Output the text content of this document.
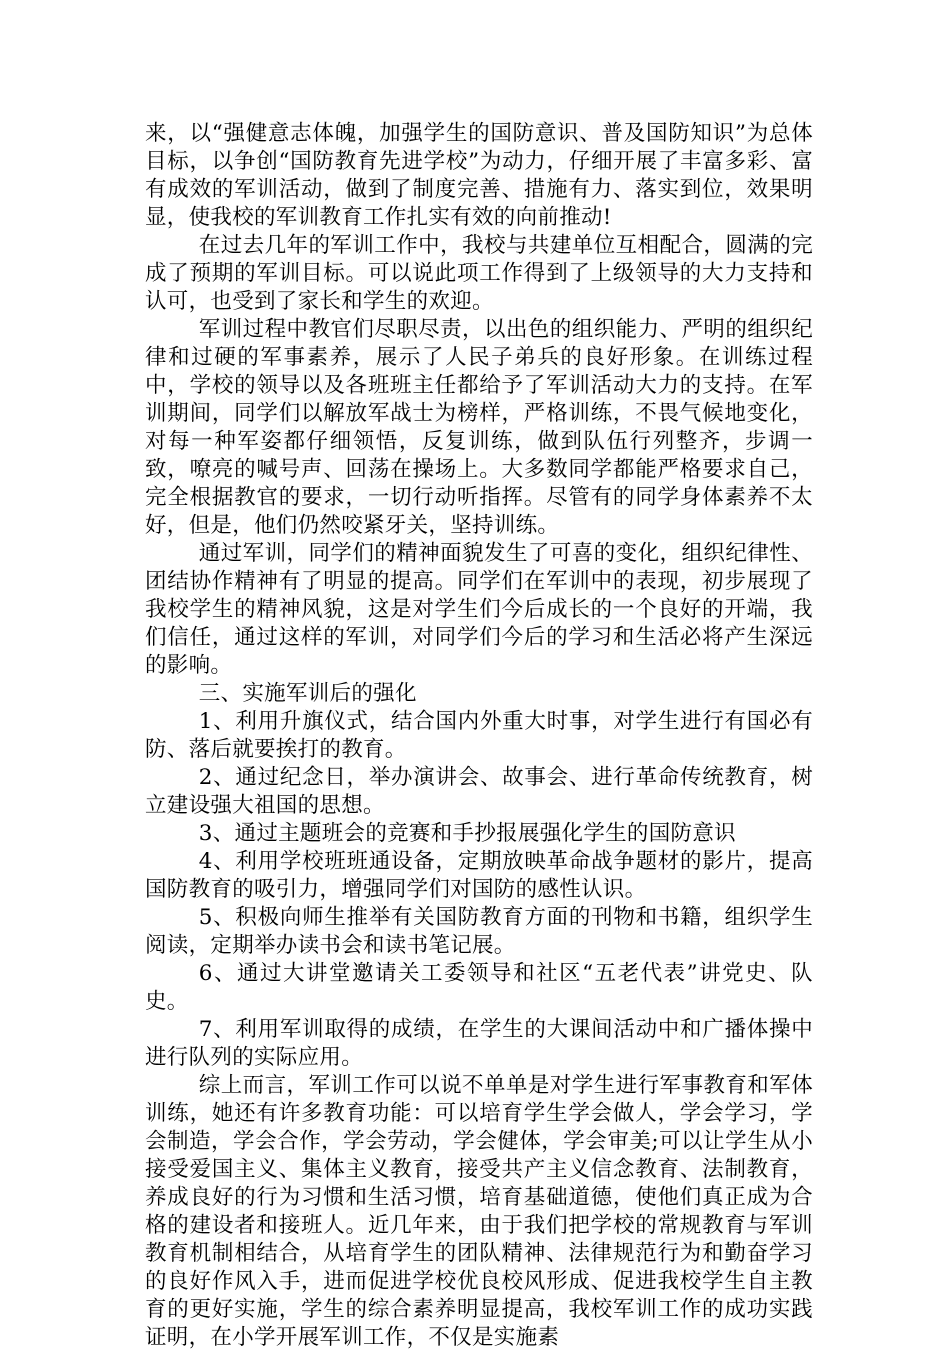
来，以“强健意志体魄，加强学生的国防意识、普及国防知识”为总体目标，以争创“国防教育先进学校”为动力，仔细开展了丰富多彩、富有成效的军训活动，做到了制度完善、措施有力、落实到位，效果明显，使我校的军训教育工作扎实有效的向前推动!

在过去几年的军训工作中，我校与共建单位互相配合，圆满的完成了预期的军训目标。可以说此项工作得到了上级领导的大力支持和认可，也受到了家长和学生的欢迎。

军训过程中教官们尽职尽责，以出色的组织能力、严明的组织纪律和过硬的军事素养，展示了人民子弟兵的良好形象。在训练过程中，学校的领导以及各班班主任都给予了军训活动大力的支持。在军训期间，同学们以解放军战士为榜样，严格训练，不畏气候地变化，对每一种军姿都仔细领悟，反复训练，做到队伍行列整齐，步调一致，嘹亮的喊号声、回荡在操场上。大多数同学都能严格要求自己，完全根据教官的要求，一切行动听指挥。尽管有的同学身体素养不太好，但是，他们仍然咬紧牙关，坚持训练。

通过军训，同学们的精神面貌发生了可喜的变化，组织纪律性、团结协作精神有了明显的提高。同学们在军训中的表现，初步展现了我校学生的精神风貌，这是对学生们今后成长的一个良好的开端，我们信任，通过这样的军训，对同学们今后的学习和生活必将产生深远的影响。

三、实施军训后的强化

1、利用升旗仪式，结合国内外重大时事，对学生进行有国必有防、落后就要挨打的教育。

2、通过纪念日，举办演讲会、故事会、进行革命传统教育，树立建设强大祖国的思想。

3、通过主题班会的竞赛和手抄报展强化学生的国防意识

4、利用学校班班通设备，定期放映革命战争题材的影片，提高国防教育的吸引力，增强同学们对国防的感性认识。

5、积极向师生推举有关国防教育方面的刊物和书籍，组织学生阅读，定期举办读书会和读书笔记展。

6、通过大讲堂邀请关工委领导和社区“五老代表”讲党史、队史。

7、利用军训取得的成绩，在学生的大课间活动中和广播体操中进行队列的实际应用。

综上而言，军训工作可以说不单单是对学生进行军事教育和军体训练，她还有许多教育功能：可以培育学生学会做人，学会学习，学会制造，学会合作，学会劳动，学会健体，学会审美;可以让学生从小接受爱国主义、集体主义教育，接受共产主义信念教育、法制教育，养成良好的行为习惯和生活习惯，培育基础道德，使他们真正成为合格的建设者和接班人。近几年来，由于我们把学校的常规教育与军训教育机制相结合，从培育学生的团队精神、法律规范行为和勤奋学习的良好作风入手，进而促进学校优良校风形成、促进我校学生自主教育的更好实施，学生的综合素养明显提高，我校军训工作的成功实践证明，在小学开展军训工作，不仅是实施素
